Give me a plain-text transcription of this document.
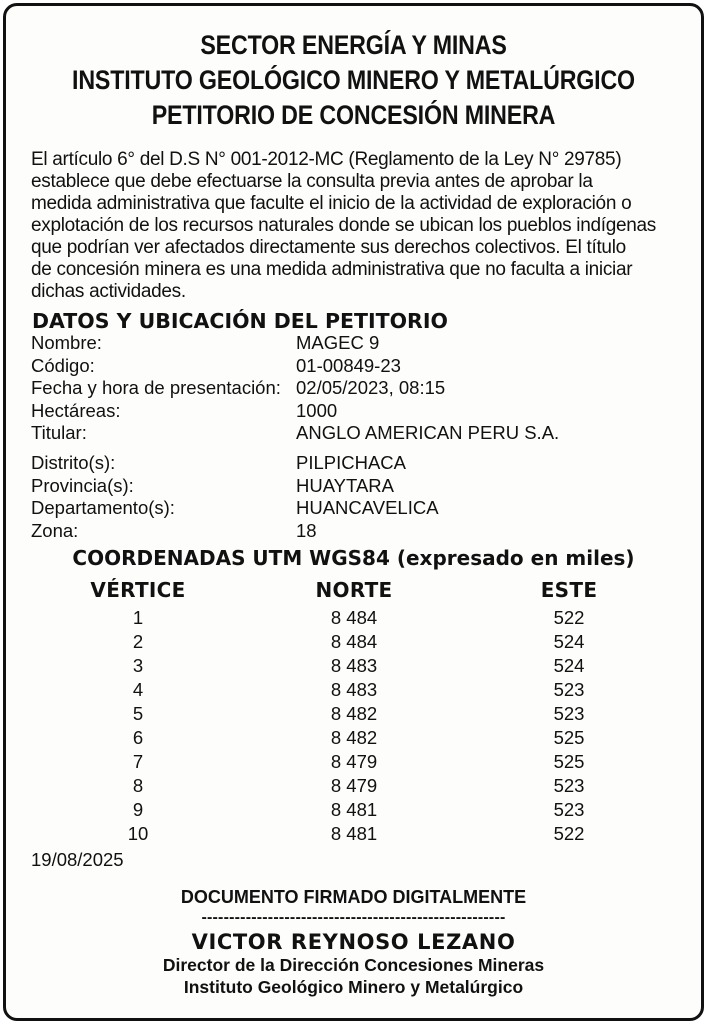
SECTOR ENERGÍA Y MINAS
INSTITUTO GEOLÓGICO MINERO Y METALÚRGICO
PETITORIO DE CONCESIÓN MINERA
El artículo 6° del D.S N° 001-2012-MC (Reglamento de la Ley N° 29785)
establece que debe efectuarse la consulta previa antes de aprobar la
medida administrativa que faculte el inicio de la actividad de exploración o
explotación de los recursos naturales donde se ubican los pueblos indígenas
que podrían ver afectados directamente sus derechos colectivos. El título
de concesión minera es una medida administrativa que no faculta a iniciar
dichas actividades.
DATOS Y UBICACIÓN DEL PETITORIO
Nombre:	MAGEC 9
Código:	01-00849-23
Fecha y hora de presentación: 02/05/2023, 08:15
Hectáreas:	1000
Titular:	ANGLO AMERICAN PERU S.A.
Distrito(s):	PILPICHACA
Provincia(s):	HUAYTARA
Departamento(s):	HUANCAVELICA
Zona:	18
COORDENADAS UTM WGS84 (expresado en miles)
VÉRTICE	NORTE	ESTE
1	8 484	522
2	8 484	524
3	8 483	524
4	8 483	523
5	8 482	523
6	8 482	525
7	8 479	525
8	8 479	523
9	8 481	523
10	8 481	522
19/08/2025
DOCUMENTO FIRMADO DIGITALMENTE
-------------------------------------------------------
VICTOR REYNOSO LEZANO
Director de la Dirección Concesiones Mineras
Instituto Geológico Minero y Metalúrgico
